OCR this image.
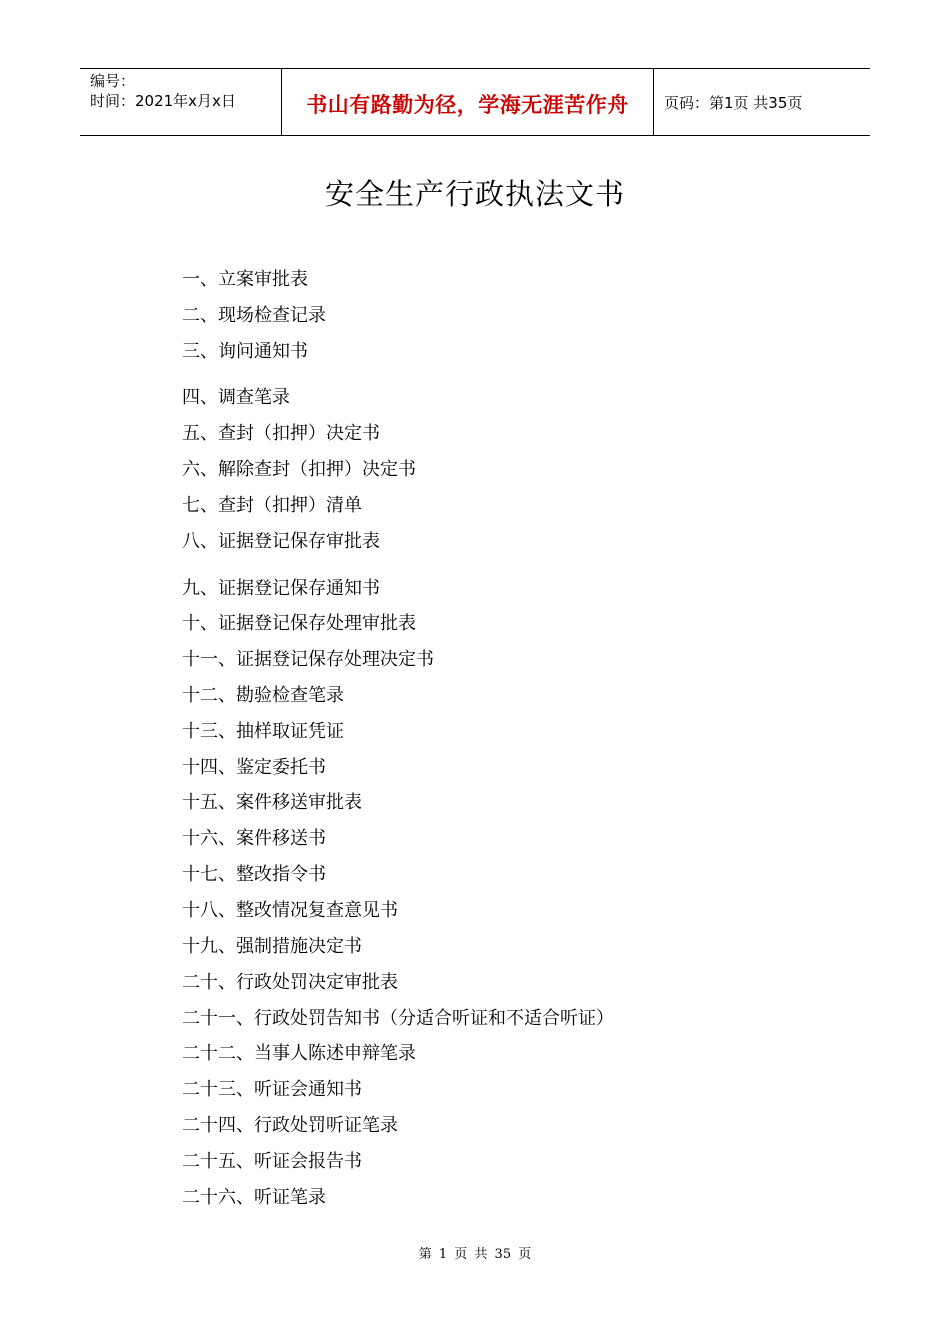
编号：
时间：2021年x月x日	书山有路勤为径，学海无涯苦作舟 页码：第1页 共35页
安全生产行政执法文书
一、立案审批表
二、现场检查记录
三、询问通知书
四、调查笔录
五、查封（扣押）决定书
六、解除查封（扣押）决定书
七、查封（扣押）清单
八、证据登记保存审批表
九、证据登记保存通知书
十、证据登记保存处理审批表
十一、证据登记保存处理决定书
十二、勘验检查笔录
十三、抽样取证凭证
十四、鉴定委托书
十五、案件移送审批表
十六、案件移送书
十七、整改指令书
十八、整改情况复查意见书
十九、强制措施决定书
二十、行政处罚决定审批表
二十一、行政处罚告知书（分适合听证和不适合听证）
二十二、当事人陈述申辩笔录
二十三、听证会通知书
二十四、行政处罚听证笔录
二十五、听证会报告书
二十六、听证笔录
第 1 页 共 35 页
